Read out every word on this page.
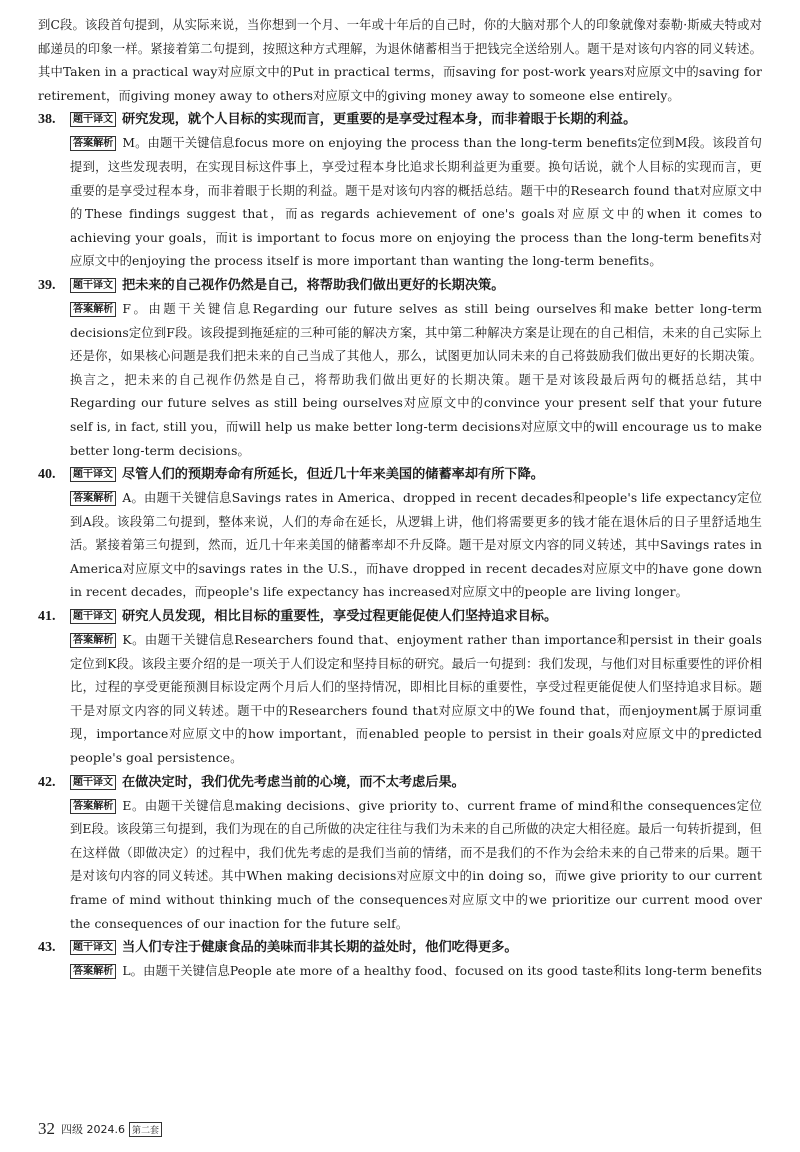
到C段。该段首句提到，从实际来说，当你想到一个月、一年或十年后的自己时，你的大脑对那个人的印象就像对泰勒·斯威夫特或对邮递员的印象一样。紧接着第二句提到，按照这种方式理解，为退休储蓄相当于把钱完全送给别人。题干是对该句内容的同义转述。其中Taken in a practical way对应原文中的Put in practical terms，而saving for post-work years对应原文中的saving for retirement，而giving money away to others对应原文中的giving money away to someone else entirely。

38.	题干译文 研究发现，就个人目标的实现而言，更重要的是享受过程本身，而非着眼于长期的利益。

答案解析 M。由题干关键信息focus more on enjoying the process than the long-term benefits定位到M段。该段首句提到，这些发现表明，在实现目标这件事上，享受过程本身比追求长期利益更为重要。换句话说，就个人目标的实现而言，更重要的是享受过程本身，而非着眼于长期的利益。题干是对该句内容的概括总结。题干中的Research found that对应原文中的These findings suggest that，而as regards achievement of one's goals对应原文中的when it comes to achieving your goals，而it is important to focus more on enjoying the process than the long-term benefits对应原文中的enjoying the process itself is more important than wanting the long-term benefits。

39.	题干译文 把未来的自己视作仍然是自己，将帮助我们做出更好的长期决策。

答案解析 F。由题干关键信息Regarding our future selves as still being ourselves和make better long-term decisions定位到F段。该段提到拖延症的三种可能的解决方案，其中第二种解决方案是让现在的自己相信，未来的自己实际上还是你，如果核心问题是我们把未来的自己当成了其他人，那么，试图更加认同未来的自己将鼓励我们做出更好的长期决策。换言之，把未来的自己视作仍然是自己，将帮助我们做出更好的长期决策。题干是对该段最后两句的概括总结，其中Regarding our future selves as still being ourselves对应原文中的convince your present self that your future self is, in fact, still you，而will help us make better long-term decisions对应原文中的will encourage us to make better long-term decisions。

40.	题干译文 尽管人们的预期寿命有所延长，但近几十年来美国的储蓄率却有所下降。

答案解析 A。由题干关键信息Savings rates in America、dropped in recent decades和people's life expectancy定位到A段。该段第二句提到，整体来说，人们的寿命在延长，从逻辑上讲，他们将需要更多的钱才能在退休后的日子里舒适地生活。紧接着第三句提到，然而，近几十年来美国的储蓄率却不升反降。题干是对原文内容的同义转述，其中Savings rates in America对应原文中的savings rates in the U.S.，而have dropped in recent decades对应原文中的have gone down in recent decades，而people's life expectancy has increased对应原文中的people are living longer。

41.	题干译文 研究人员发现，相比目标的重要性，享受过程更能促使人们坚持追求目标。

答案解析 K。由题干关键信息Researchers found that、enjoyment rather than importance和persist in their goals定位到K段。该段主要介绍的是一项关于人们设定和坚持目标的研究。最后一句提到：我们发现，与他们对目标重要性的评价相比，过程的享受更能预测目标设定两个月后人们的坚持情况，即相比目标的重要性，享受过程更能促使人们坚持追求目标。题干是对原文内容的同义转述。题干中的Researchers found that对应原文中的We found that，而enjoyment属于原词重现，importance对应原文中的how important，而enabled people to persist in their goals对应原文中的predicted people's goal persistence。

42.	题干译文 在做决定时，我们优先考虑当前的心境，而不太考虑后果。

答案解析 E。由题干关键信息making decisions、give priority to、current frame of mind和the consequences定位到E段。该段第三句提到，我们为现在的自己所做的决定往往与我们为未来的自己所做的决定大相径庭。最后一句转折提到，但在这样做（即做决定）的过程中，我们优先考虑的是我们当前的情绪，而不是我们的不作为会给未来的自己带来的后果。题干是对该句内容的同义转述。其中When making decisions对应原文中的in doing so，而we give priority to our current frame of mind without thinking much of the consequences对应原文中的we prioritize our current mood over the consequences of our inaction for the future self。

43.	题干译文 当人们专注于健康食品的美味而非其长期的益处时，他们吃得更多。

答案解析 L。由题干关键信息People ate more of a healthy food、focused on its good taste和its long-term benefits

32 四级 2024.6 第二套
